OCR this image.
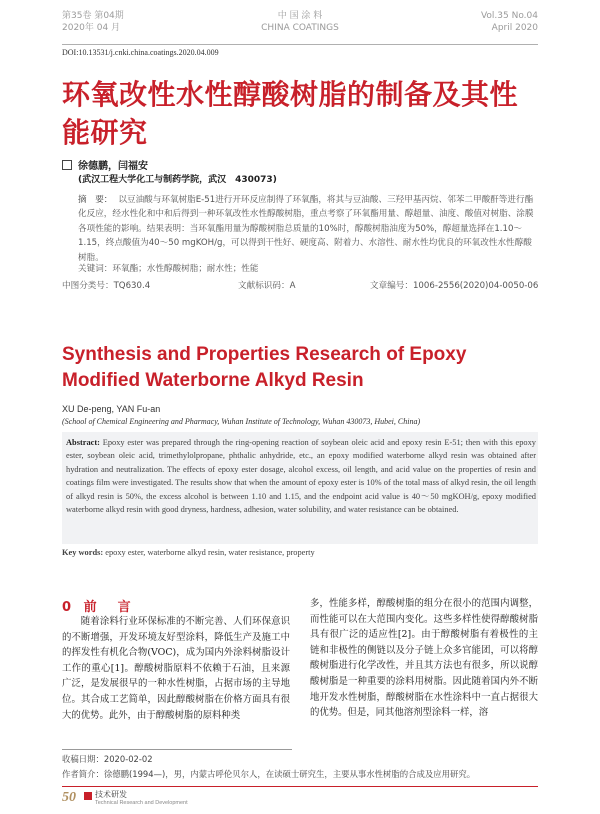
第35卷 第04期
2020年 04 月
中 国 涂 料
CHINA COATINGS
Vol.35 No.04
April 2020
DOI:10.13531/j.cnki.china.coatings.2020.04.009
环氧改性水性醇酸树脂的制备及其性能研究
徐德鹏，闫福安
(武汉工程大学化工与制药学院，武汉　430073)
摘　要： 以豆油酸与环氧树脂E-51进行开环反应制得了环氧酯，将其与豆油酸、三羟甲基丙烷、邻苯二甲酸酐等进行酯化反应，经水性化和中和后得到一种环氧改性水性醇酸树脂，重点考察了环氧酯用量、醇超量、油度、酸值对树脂、涂膜各项性能的影响。结果表明：当环氧酯用量为醇酸树脂总质量的10%时，醇酸树脂油度为50%，醇超量选择在1.10～1.15，终点酸值为40～50 mgKOH/g，可以得到干性好、硬度高、附着力、水溶性、耐水性均优良的环氧改性水性醇酸树脂。
关键词：环氧酯；水性醇酸树脂；耐水性；性能
中图分类号：TQ630.4	文献标识码：A	文章编号：1006-2556(2020)04-0050-06
Synthesis and Properties Research of Epoxy Modified Waterborne Alkyd Resin
XU De-peng, YAN Fu-an
(School of Chemical Engineering and Pharmacy, Wuhan Institute of Technology, Wuhan 430073, Hubei, China)
Abstract: Epoxy ester was prepared through the ring-opening reaction of soybean oleic acid and epoxy resin E-51; then with this epoxy ester, soybean oleic acid, trimethylolpropane, phthalic anhydride, etc., an epoxy modified waterborne alkyd resin was obtained after hydration and neutralization. The effects of epoxy ester dosage, alcohol excess, oil length, and acid value on the properties of resin and coatings film were investigated. The results show that when the amount of epoxy ester is 10% of the total mass of alkyd resin, the oil length of alkyd resin is 50%, the excess alcohol is between 1.10 and 1.15, and the endpoint acid value is 40～50 mgKOH/g, epoxy modified waterborne alkyd resin with good dryness, hardness, adhesion, water solubility, and water resistance can be obtained.
Key words: epoxy ester, waterborne alkyd resin, water resistance, property
0 前　言
随着涂料行业环保标准的不断完善、人们环保意识的不断增强，开发环境友好型涂料，降低生产及施工中的挥发性有机化合物(VOC)，成为国内外涂料树脂设计工作的重心[1]。醇酸树脂原料不依赖于石油，且来源广泛，是发展很早的一种水性树脂，占据市场的主导地位。其合成工艺简单，因此醇酸树脂在价格方面具有很大的优势。此外，由于醇酸树脂的原料种类
多，性能多样，醇酸树脂的组分在很小的范围内调整，而性能可以在大范围内变化。这些多样性使得醇酸树脂具有很广泛的适应性[2]。由于醇酸树脂有着极性的主链和非极性的侧链以及分子链上众多官能团，可以将醇酸树脂进行化学改性，并且其方法也有很多，所以说醇酸树脂是一种重要的涂料用树脂。因此随着国内外不断地开发水性树脂，醇酸树脂在水性涂料中一直占据很大的优势。但是，同其他溶剂型涂料一样，溶
收稿日期：2020-02-02
作者简介：徐德鹏(1994—)，男，内蒙古呼伦贝尔人，在读硕士研究生，主要从事水性树脂的合成及应用研究。
50 技术研发
Technical Research and Development
